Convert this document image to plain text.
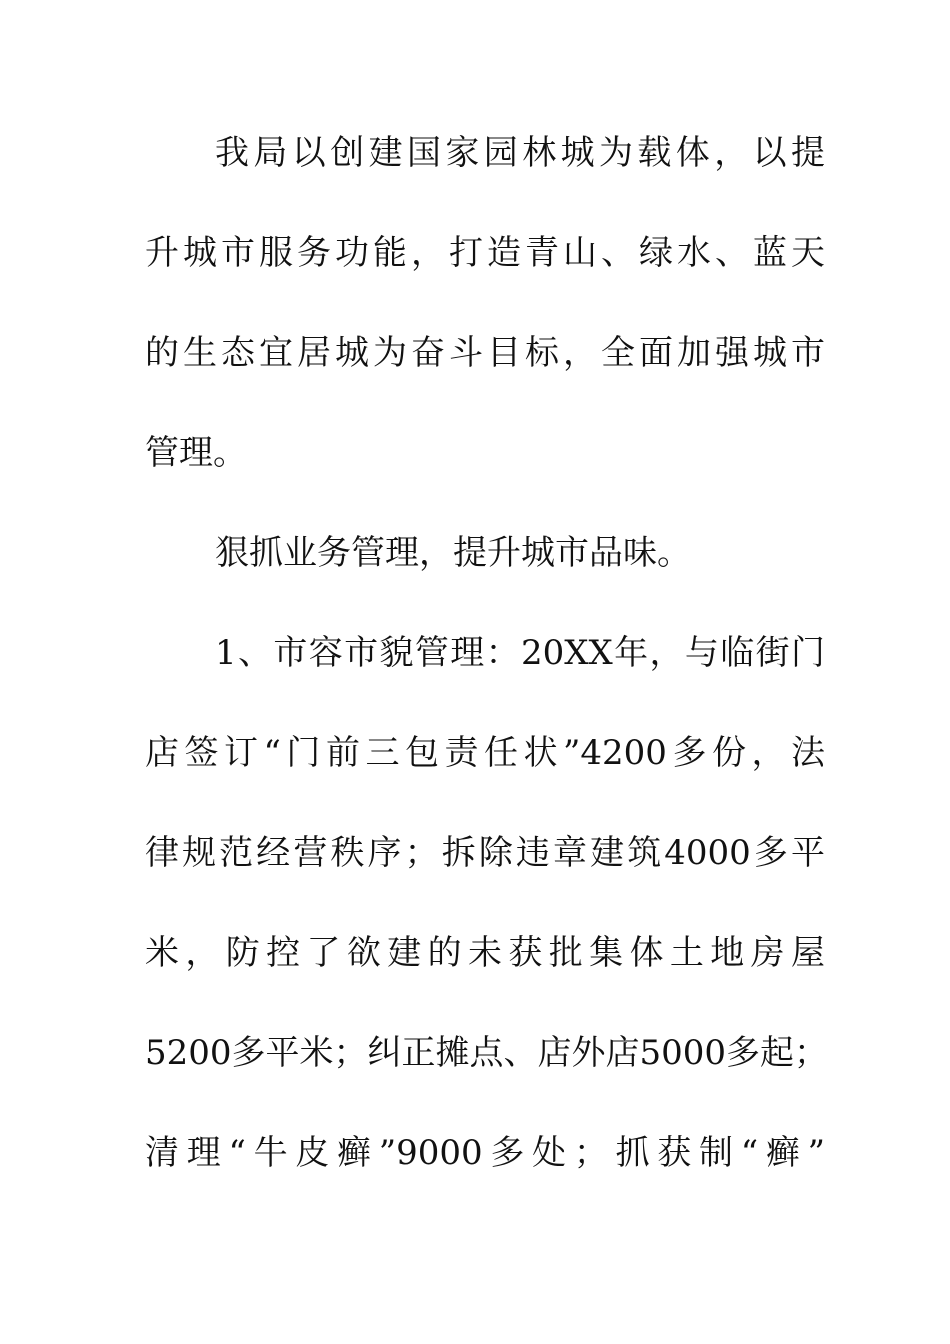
我局以创建国家园林城为载体，以提
升城市服务功能，打造青山、绿水、蓝天
的生态宜居城为奋斗目标，全面加强城市
管理。
狠抓业务管理，提升城市品味。
1、市容市貌管理：20XX年，与临街门
店签订“门前三包责任状”4200多份，法
律规范经营秩序；拆除违章建筑4000多平
米，防控了欲建的未获批集体土地房屋
5200多平米；纠正摊点、店外店5000多起；
清理“牛皮癣”9000多处；抓获制“癣”
